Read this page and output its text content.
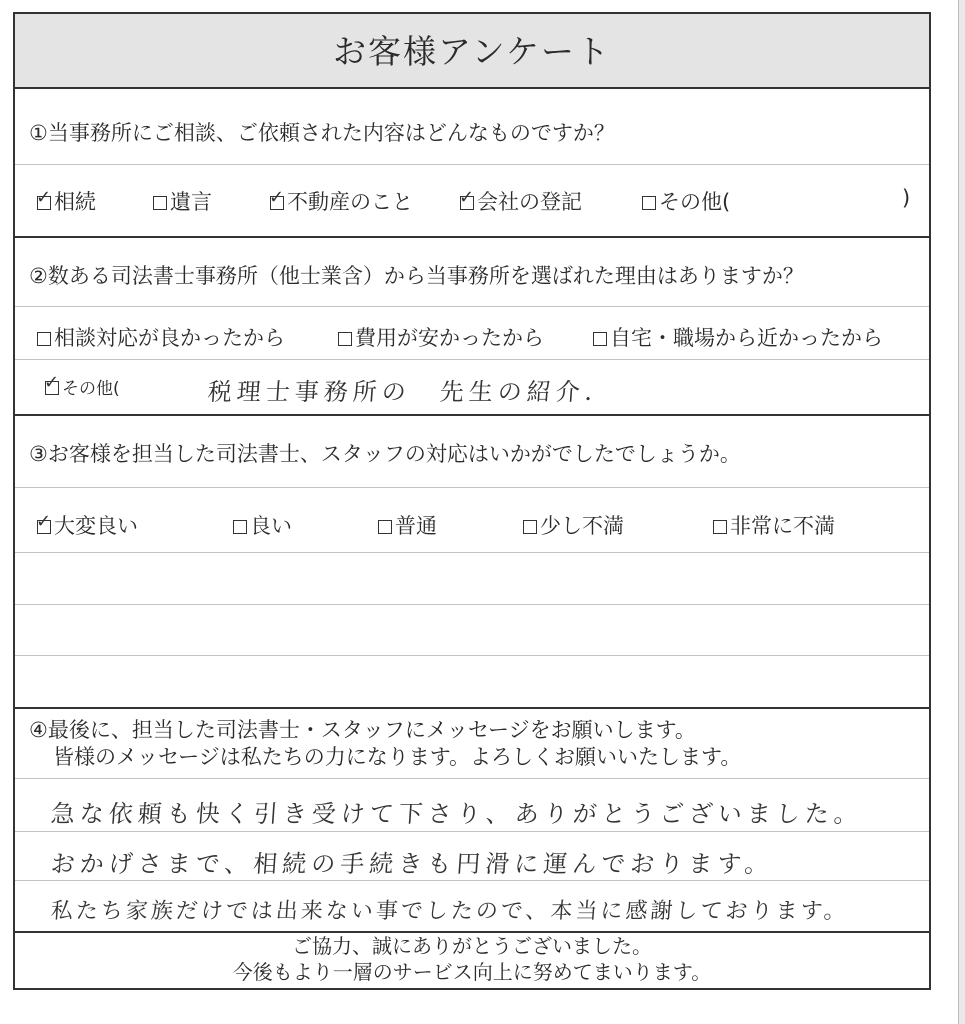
お客様アンケート
①当事務所にご相談、ご依頼された内容はどんなものですか？
✓相続	遺言 ✓	不動産のこと ✓	会社の登記	その他(	)
②数ある司法書士事務所（他士業含）から当事務所を選ばれた理由はありますか？
相談対応が良かったから	費用が安かったから	自宅・職場から近かったから
✓その他(	税理士事務所の　先生の紹介．
③お客様を担当した司法書士、スタッフの対応はいかがでしたでしょうか。
✓大変良い	良い	普通	少し不満	非常に不満
④最後に、担当した司法書士・スタッフにメッセージをお願いします。
皆様のメッセージは私たちの力になります。よろしくお願いいたします。
急な依頼も快く引き受けて下さり、ありがとうございました。
おかげさまで、相続の手続きも円滑に運んでおります。
私たち家族だけでは出来ない事でしたので、本当に感謝しております。
ご協力、誠にありがとうございました。
今後もより一層のサービス向上に努めてまいります。
